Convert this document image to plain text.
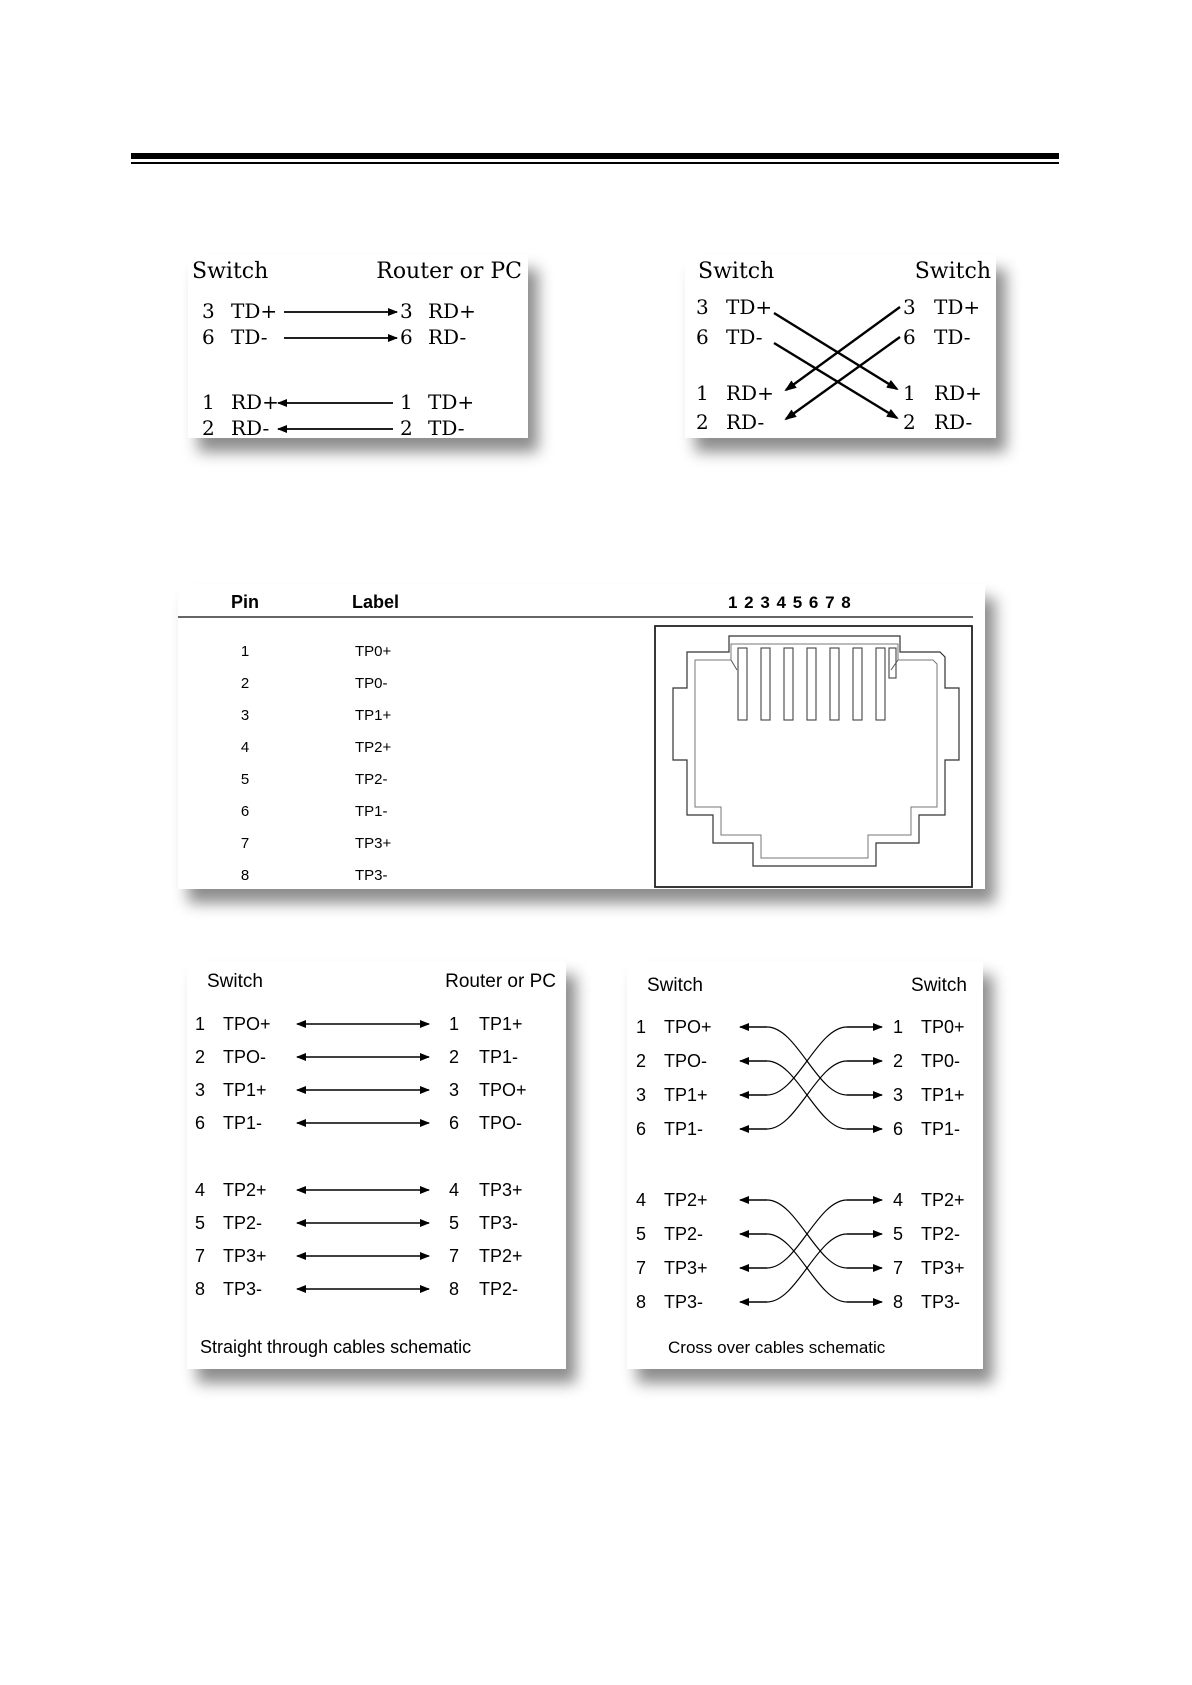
Switch	Router or PC
3 TD+	3 RD+
6 TD-	6 RD-
1 RD+	1 TD+
2 RD-	2 TD-
Switch	Switch
3 TD+	3 TD+
6 TD-	6 TD-
1 RD+	1 RD+
2 RD-	2 RD-
Pin	Label	1 2 3 4 5 6 7 8
1	TP0+
2	TP0-
3	TP1+
4	TP2+
5	TP2-
6	TP1-
7	TP3+
8	TP3-
Switch	Router or PC
1 TPO+	1 TP1+
2 TPO-	2 TP1-
3 TP1+	3 TPO+
6 TP1-	6 TPO-
4 TP2+	4 TP3+
5 TP2-	5 TP3-
7 TP3+	7 TP2+
8 TP3-	8 TP2-
Straight through cables schematic
Switch	Switch
1 TPO+	1 TP0+
2 TPO-	2 TP0-
3 TP1+	3 TP1+
6 TP1-	6 TP1-
4 TP2+	4 TP2+
5 TP2-	5 TP2-
7 TP3+	7 TP3+
8 TP3-	8 TP3-
Cross over cables schematic
